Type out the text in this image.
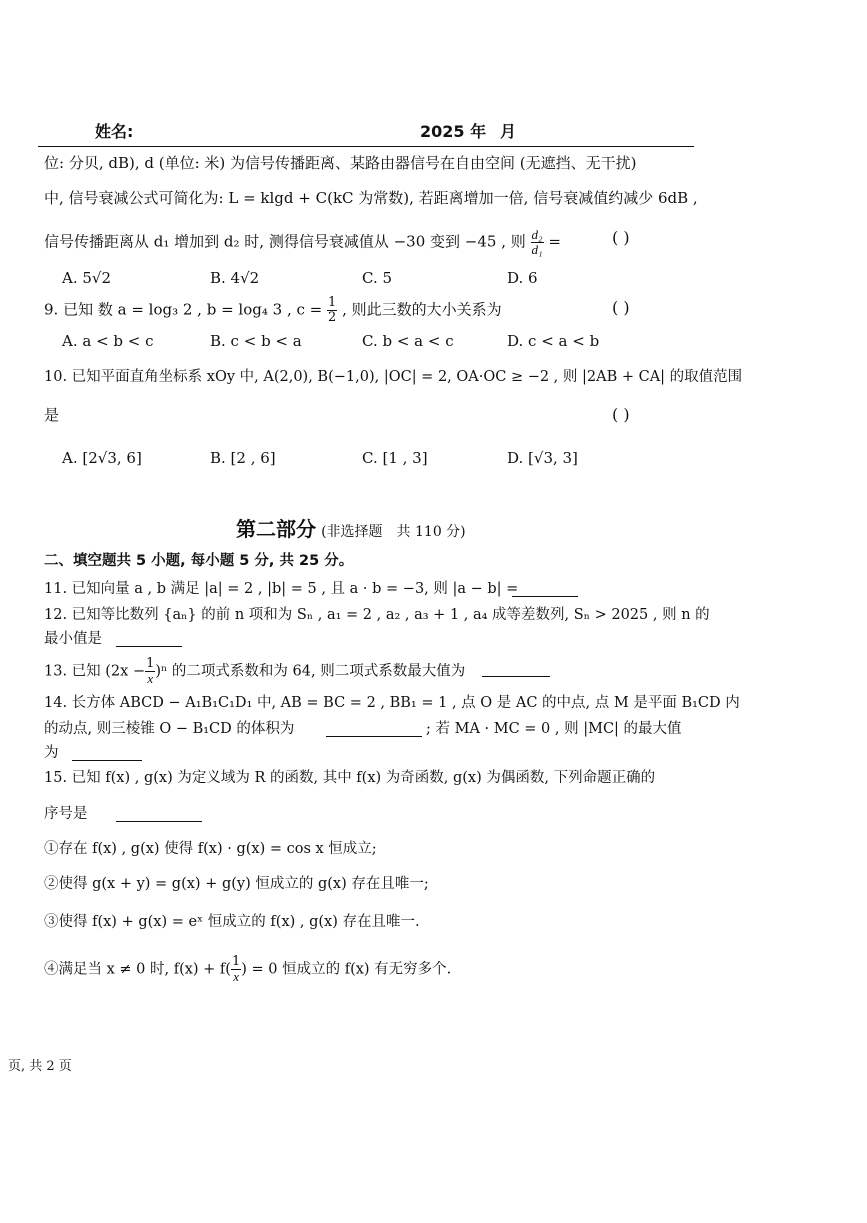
姓名:	2025 年 月
位: 分贝, dB), d (单位: 米) 为信号传播距离、某路由器信号在自由空间 (无遮挡、无干扰)
中, 信号衰减公式可简化为: L = klgd + C(kC 为常数), 若距离增加一倍, 信号衰减值约减少 6dB ,
信号传播距离从 d₁ 增加到 d₂ 时, 测得信号衰减值从 −30 变到 −45 , 则 $\frac{\text{d₂}}{\text{d₁}}$ =	( )
A. 5√2	B. 4√2	C. 5	D. 6
9. 已知 数 a = log₃ 2 , b = log₄ 3 , $c = \frac{1}{2}$ , 则此三数的大小关系为	( )
A. a < b < c	B. c < b < a	C. b < a < c	D. c < a < b
10. 已知平面直角坐标系 xOy 中, A(2,0), B(−1,0), |OC| = 2, OA·OC ≥ −2 , 则 |2AB + CA| 的取值范围
是	( )
A. [2√3, 6]	B. [2 , 6]	C. [1 , 3]	D. [√3, 3]
第二部分 (非选择题　共 110 分)
二、填空题共 5 小题, 每小题 5 分, 共 25 分。
11. 已知向量 a , b 满足 |a| = 2 , |b| = 5 , 且 a · b = −3, 则 |a − b| =
12. 已知等比数列 {aₙ} 的前 n 项和为 Sₙ , a₁ = 2 , a₂ , a₃ + 1 , a₄ 成等差数列, Sₙ > 2025 , 则 n 的
最小值是
13. 已知 $(2x - \frac{1}{x} )^n$ 的二项式系数和为 64, 则二项式系数最大值为
14. 长方体 ABCD − A₁B₁C₁D₁ 中, AB = BC = 2 , BB₁ = 1 , 点 O 是 AC 的中点, 点 M 是平面 B₁CD 内
的动点, 则三棱锥 O − B₁CD 的体积为	; 若 MA · MC = 0 , 则 |MC| 的最大值
为
15. 已知 f(x) , g(x) 为定义域为 R 的函数, 其中 f(x) 为奇函数, g(x) 为偶函数, 下列命题正确的
序号是
①存在 f(x) , g(x) 使得 f(x) · g(x) = cos x 恒成立;
②使得 g(x + y) = g(x) + g(y) 恒成立的 g(x) 存在且唯一;
③使得 f(x) + g(x) = eˣ 恒成立的 f(x) , g(x) 存在且唯一.
④满足当 x ≠ 0 时, $f(x) + f( \frac{1}{x}$ ) = 0 恒成立的 f(x) 有无穷多个.
页, 共 2 页
